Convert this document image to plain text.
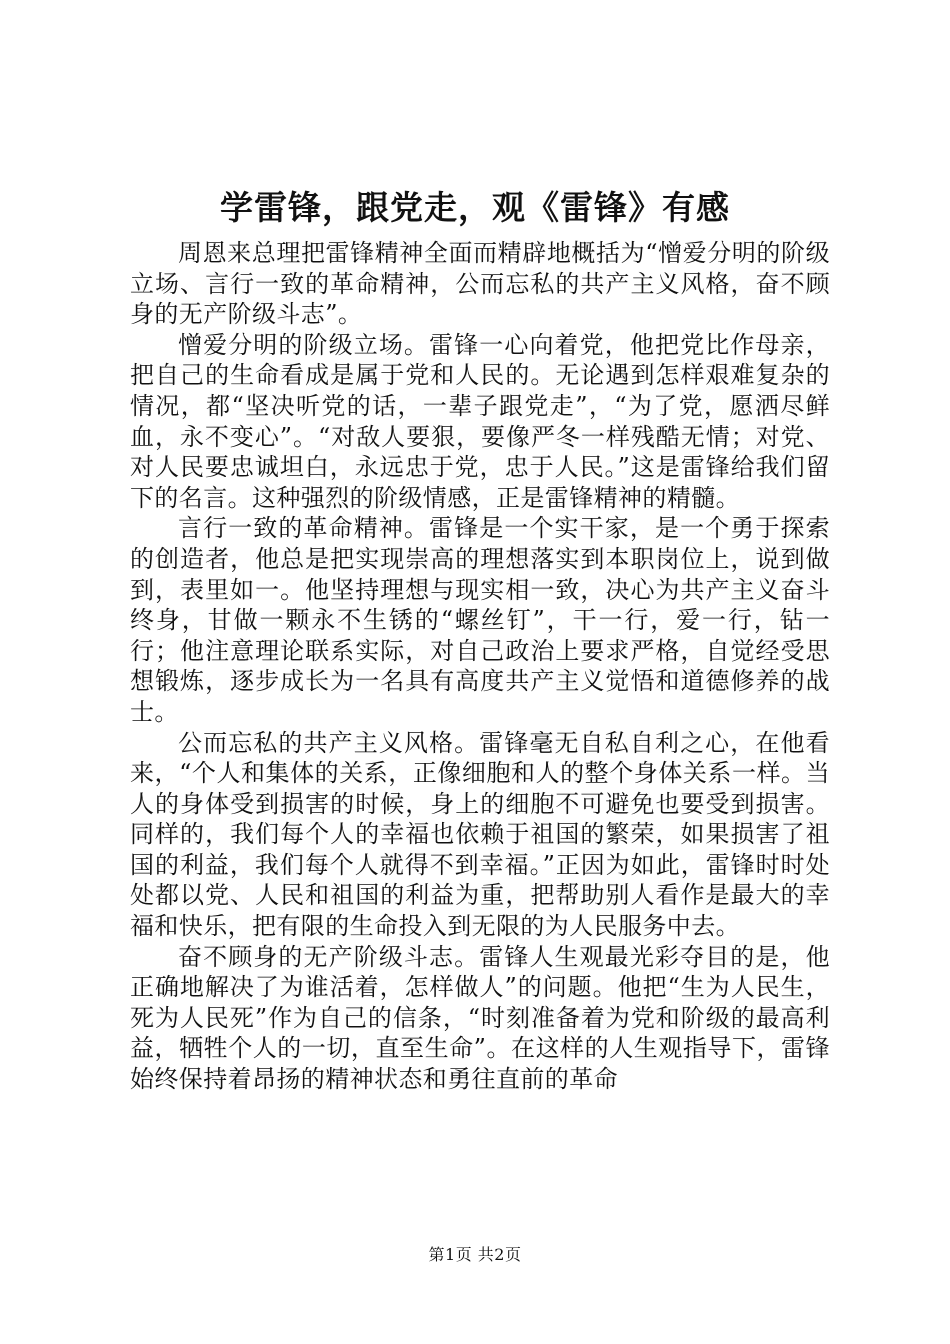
学雷锋，跟党走，观《雷锋》有感

周恩来总理把雷锋精神全面而精辟地概括为“憎爱分明的阶级立场、言行一致的革命精神，公而忘私的共产主义风格，奋不顾身的无产阶级斗志”。

憎爱分明的阶级立场。雷锋一心向着党，他把党比作母亲，把自己的生命看成是属于党和人民的。无论遇到怎样艰难复杂的情况，都“坚决听党的话，一辈子跟党走”，“为了党，愿洒尽鲜血，永不变心”。“对敌人要狠，要像严冬一样残酷无情；对党、对人民要忠诚坦白，永远忠于党，忠于人民。”这是雷锋给我们留下的名言。这种强烈的阶级情感，正是雷锋精神的精髓。

言行一致的革命精神。雷锋是一个实干家，是一个勇于探索的创造者，他总是把实现崇高的理想落实到本职岗位上，说到做到，表里如一。他坚持理想与现实相一致，决心为共产主义奋斗终身，甘做一颗永不生锈的“螺丝钉”，干一行，爱一行，钻一行；他注意理论联系实际，对自己政治上要求严格，自觉经受思想锻炼，逐步成长为一名具有高度共产主义觉悟和道德修养的战士。

公而忘私的共产主义风格。雷锋毫无自私自利之心，在他看来，“个人和集体的关系，正像细胞和人的整个身体关系一样。当人的身体受到损害的时候，身上的细胞不可避免也要受到损害。同样的，我们每个人的幸福也依赖于祖国的繁荣，如果损害了祖国的利益，我们每个人就得不到幸福。”正因为如此，雷锋时时处处都以党、人民和祖国的利益为重，把帮助别人看作是最大的幸福和快乐，把有限的生命投入到无限的为人民服务中去。

奋不顾身的无产阶级斗志。雷锋人生观最光彩夺目的是，他正确地解决了为谁活着，怎样做人”的问题。他把“生为人民生，死为人民死”作为自己的信条，“时刻准备着为党和阶级的最高利益，牺牲个人的一切，直至生命”。在这样的人生观指导下，雷锋始终保持着昂扬的精神状态和勇往直前的革命

第1页 共2页
